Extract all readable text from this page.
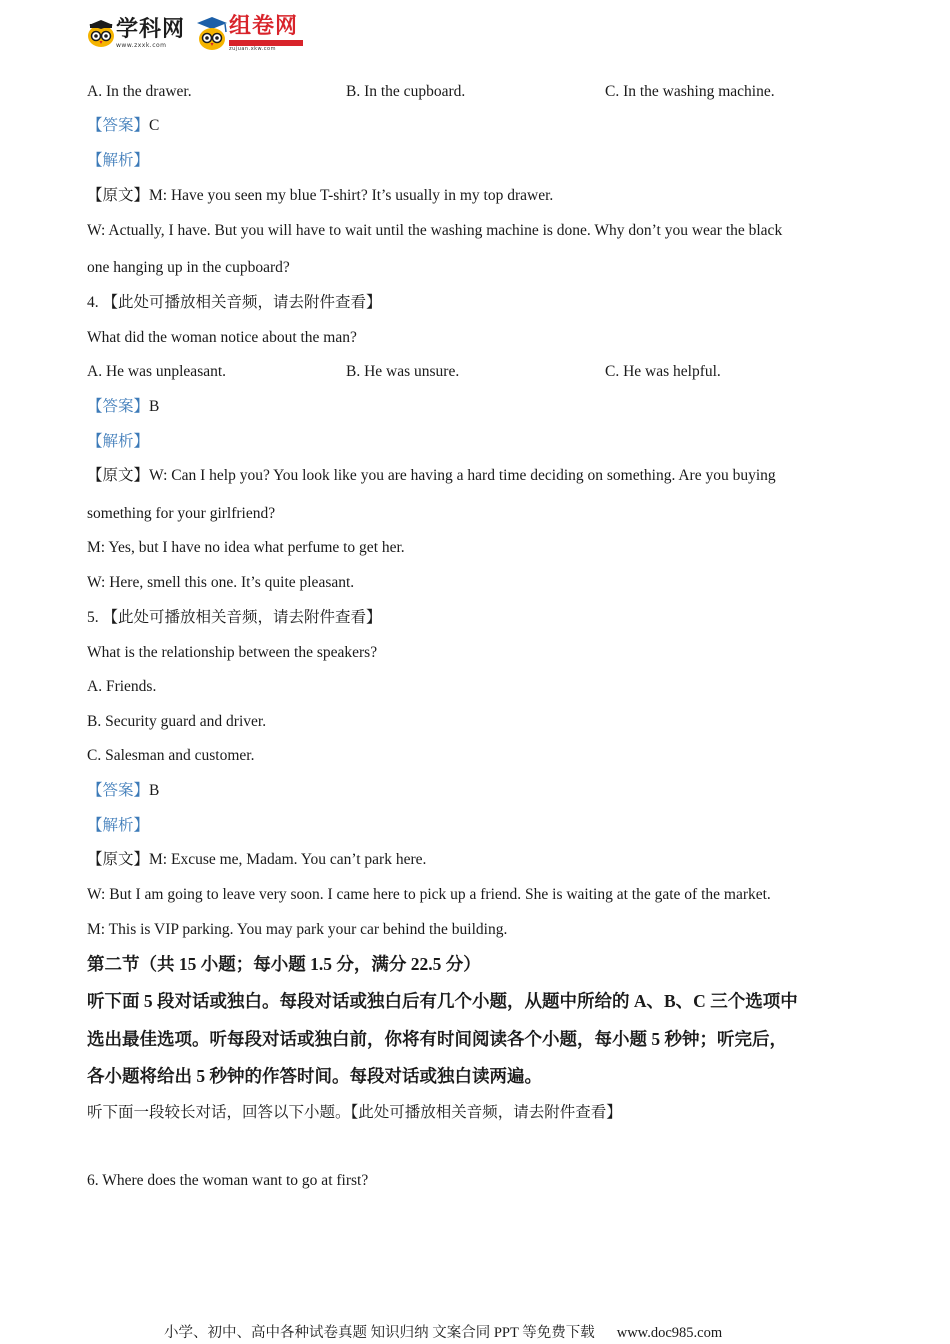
学科网
www.zxxk.com
组卷网
zujuan.xkw.com
A. In the drawer.	B. In the cupboard.	C. In the washing machine.
【答案】C
【解析】
【原文】M: Have you seen my blue T-shirt? It’s usually in my top drawer.
W: Actually, I have. But you will have to wait until the washing machine is done. Why don’t you wear the black
one hanging up in the cupboard?
4. 【此处可播放相关音频，请去附件查看】
What did the woman notice about the man?
A. He was unpleasant.	B. He was unsure.	C. He was helpful.
【答案】B
【解析】
【原文】W: Can I help you? You look like you are having a hard time deciding on something. Are you buying
something for your girlfriend?
M: Yes, but I have no idea what perfume to get her.
W: Here, smell this one. It’s quite pleasant.
5. 【此处可播放相关音频，请去附件查看】
What is the relationship between the speakers?
A. Friends.
B. Security guard and driver.
C. Salesman and customer.
【答案】B
【解析】
【原文】M: Excuse me, Madam. You can’t park here.
W: But I am going to leave very soon. I came here to pick up a friend. She is waiting at the gate of the market.
M: This is VIP parking. You may park your car behind the building.
第二节（共 15 小题；每小题 1.5 分，满分 22.5 分）
听下面 5 段对话或独白。每段对话或独白后有几个小题，从题中所给的 A、B、C 三个选项中
选出最佳选项。听每段对话或独白前，你将有时间阅读各个小题，每小题 5 秒钟；听完后，
各小题将给出 5 秒钟的作答时间。每段对话或独白读两遍。
听下面一段较长对话，回答以下小题。【此处可播放相关音频，请去附件查看】
6. Where does the woman want to go at first?
小学、初中、高中各种试卷真题 知识归纳 文案合同 PPT 等免费下载 www.doc985.com
